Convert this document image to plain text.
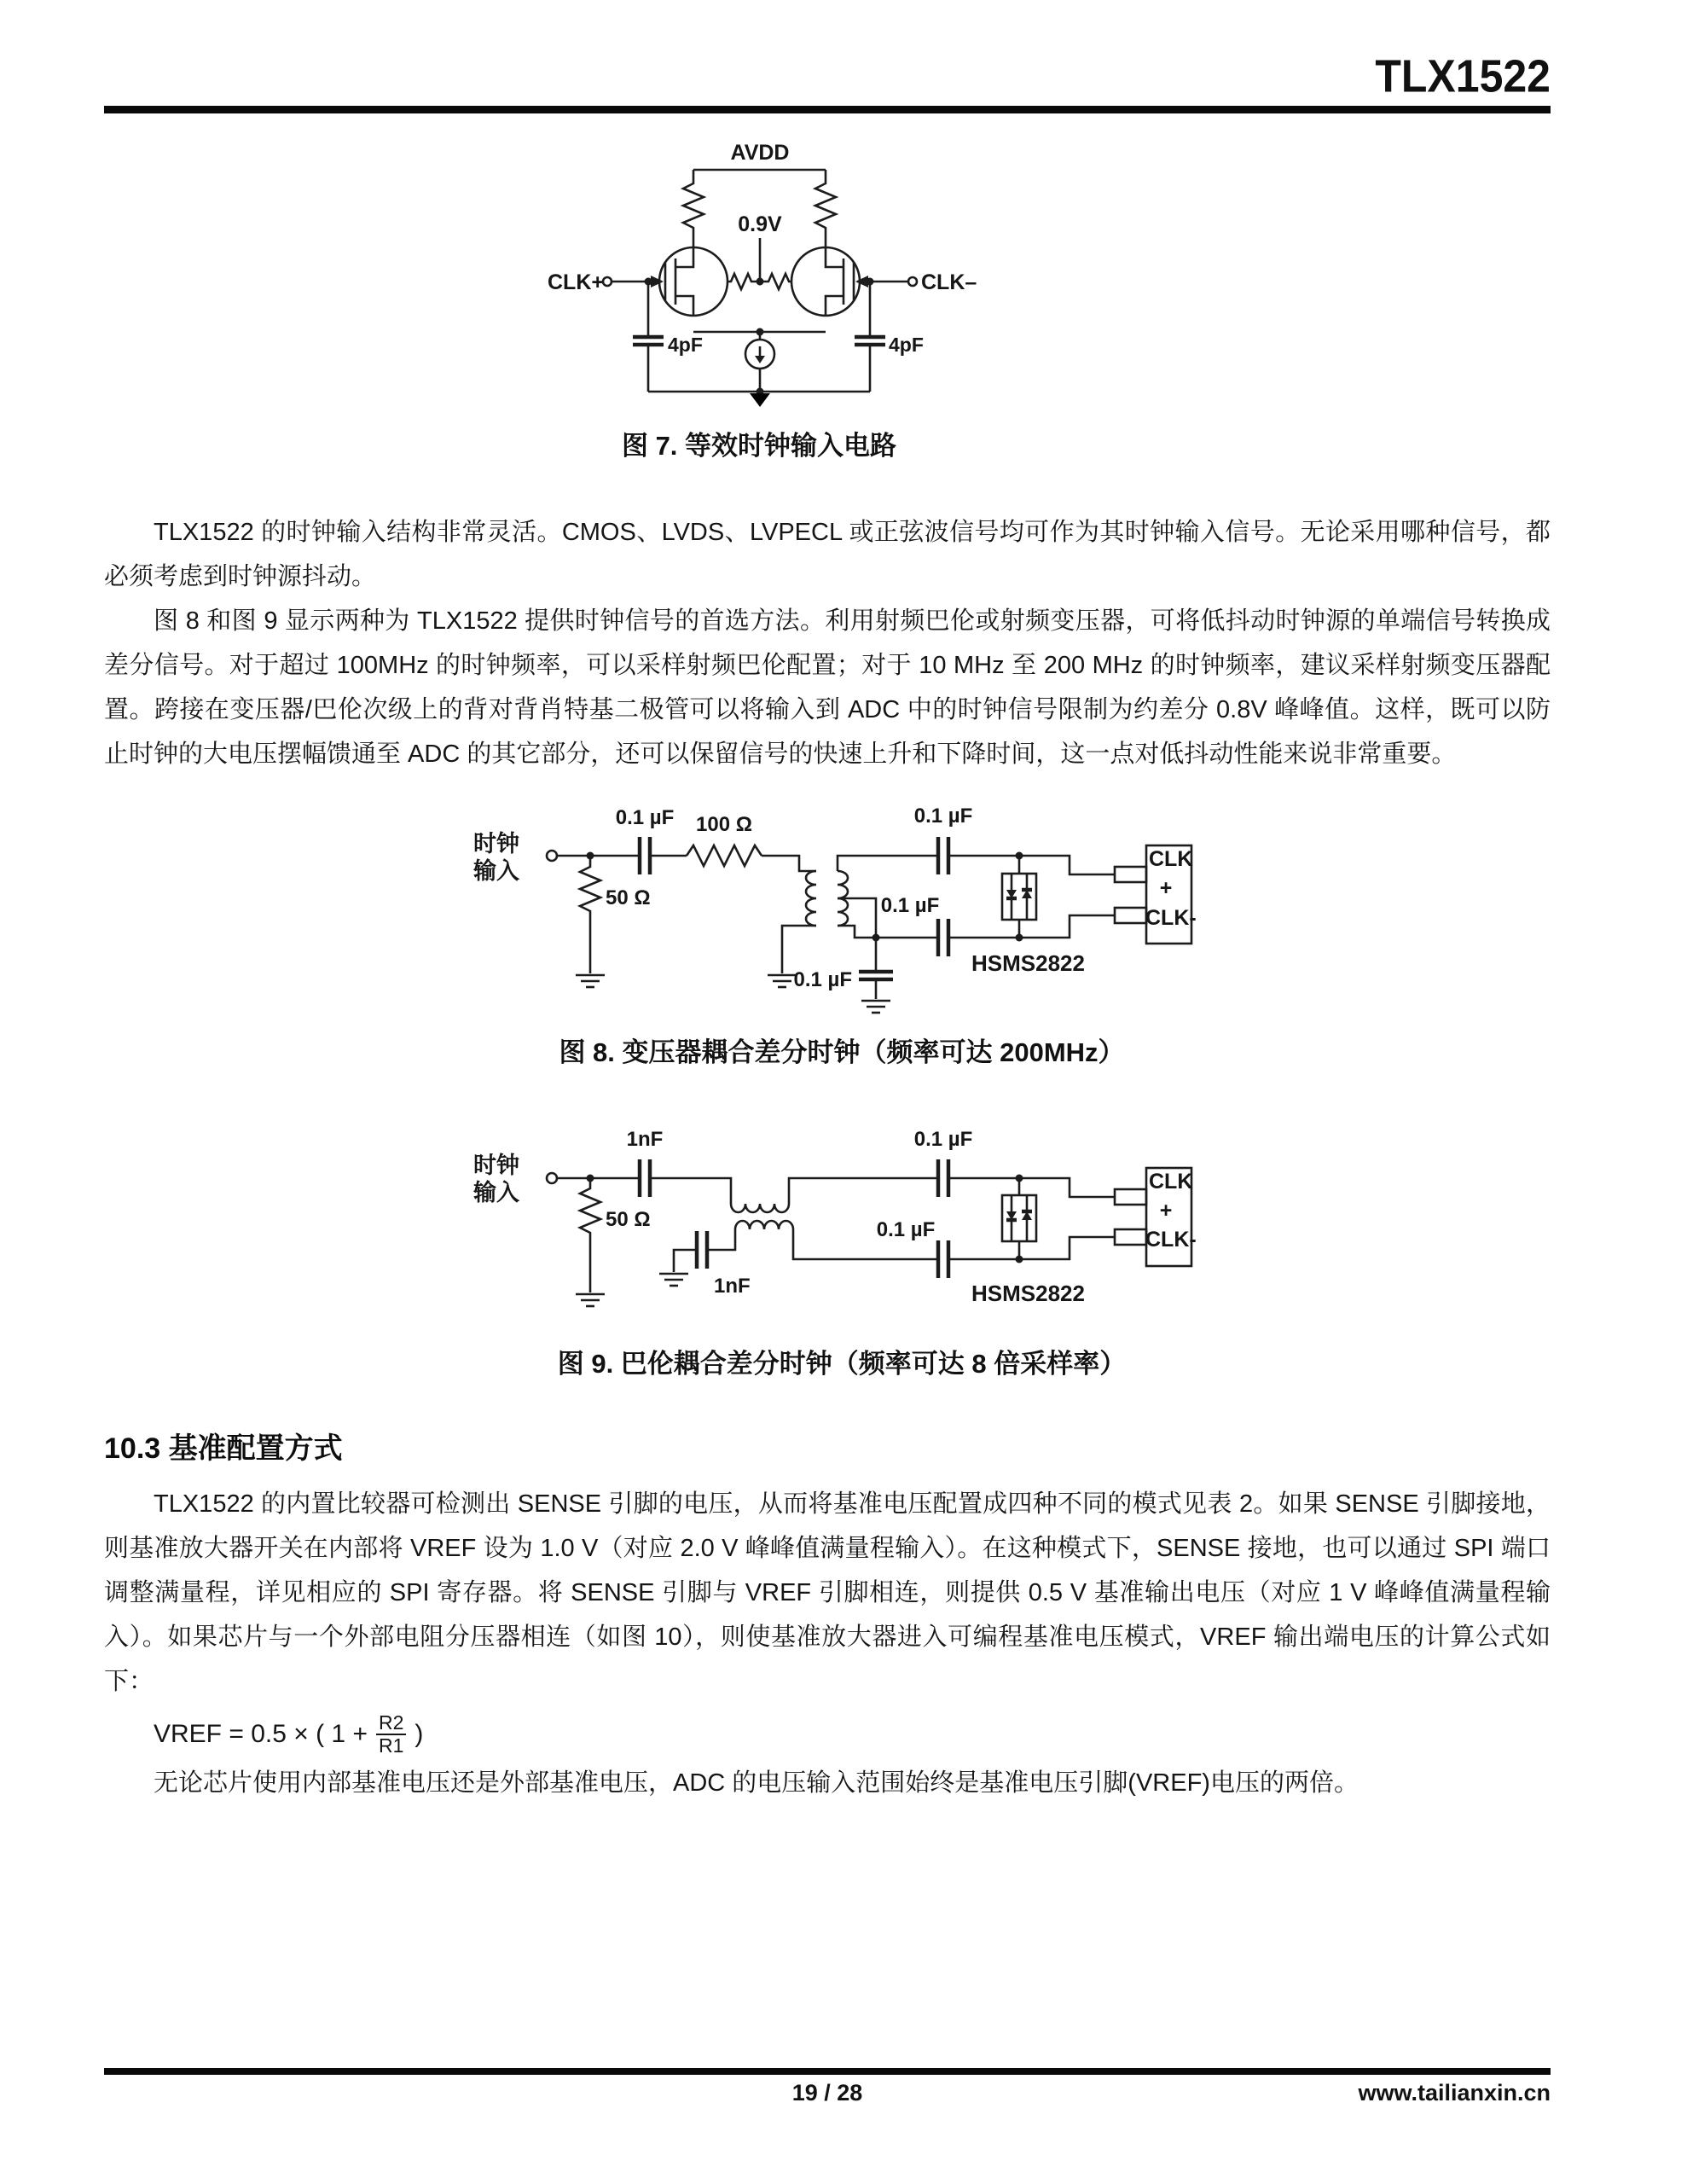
TLX1522
AVDD
CLK+	CLK–
0.9V
4pF	4pF
图 7. 等效时钟输入电路

TLX1522 的时钟输入结构非常灵活。CMOS、LVDS、LVPECL 或正弦波信号均可作为其时钟输入信号。无论采用哪种信号，都必须考虑到时钟源抖动。

图 8 和图 9 显示两种为 TLX1522 提供时钟信号的首选方法。利用射频巴伦或射频变压器，可将低抖动时钟源的单端信号转换成差分信号。对于超过 100MHz 的时钟频率，可以采样射频巴伦配置；对于 10 MHz 至 200 MHz 的时钟频率，建议采样射频变压器配置。跨接在变压器/巴伦次级上的背对背肖特基二极管可以将输入到 ADC 中的时钟信号限制为约差分 0.8V 峰峰值。这样，既可以防止时钟的大电压摆幅馈通至 ADC 的其它部分，还可以保留信号的快速上升和下降时间，这一点对低抖动性能来说非常重要。

时钟
输入
50 Ω
0.1 µF 100 Ω
0.1 µF
0.1 µF
0.1 µF
HSMS2822
CLK
+
CLK-
图 8. 变压器耦合差分时钟（频率可达 200MHz）
时钟
输入
50 Ω
1nF
1nF
0.1 µF
0.1 µF
HSMS2822
CLK
+
CLK-
图 9. 巴伦耦合差分时钟（频率可达 8 倍采样率）
10.3 基准配置方式

TLX1522 的内置比较器可检测出 SENSE 引脚的电压，从而将基准电压配置成四种不同的模式见表 2。如果 SENSE 引脚接地，则基准放大器开关在内部将 VREF 设为 1.0 V（对应 2.0 V 峰峰值满量程输入）。在这种模式下，SENSE 接地，也可以通过 SPI 端口调整满量程，详见相应的 SPI 寄存器。将 SENSE 引脚与 VREF 引脚相连，则提供 0.5 V 基准输出电压（对应 1 V 峰峰值满量程输入）。如果芯片与一个外部电阻分压器相连（如图 10），则使基准放大器进入可编程基准电压模式，VREF 输出端电压的计算公式如下：

VREF = 0.5 × ( $1 + \frac{R2}{R1}$ )

无论芯片使用内部基准电压还是外部基准电压，ADC 的电压输入范围始终是基准电压引脚(VREF)电压的两倍。

19 / 28	www.tailianxin.cn
